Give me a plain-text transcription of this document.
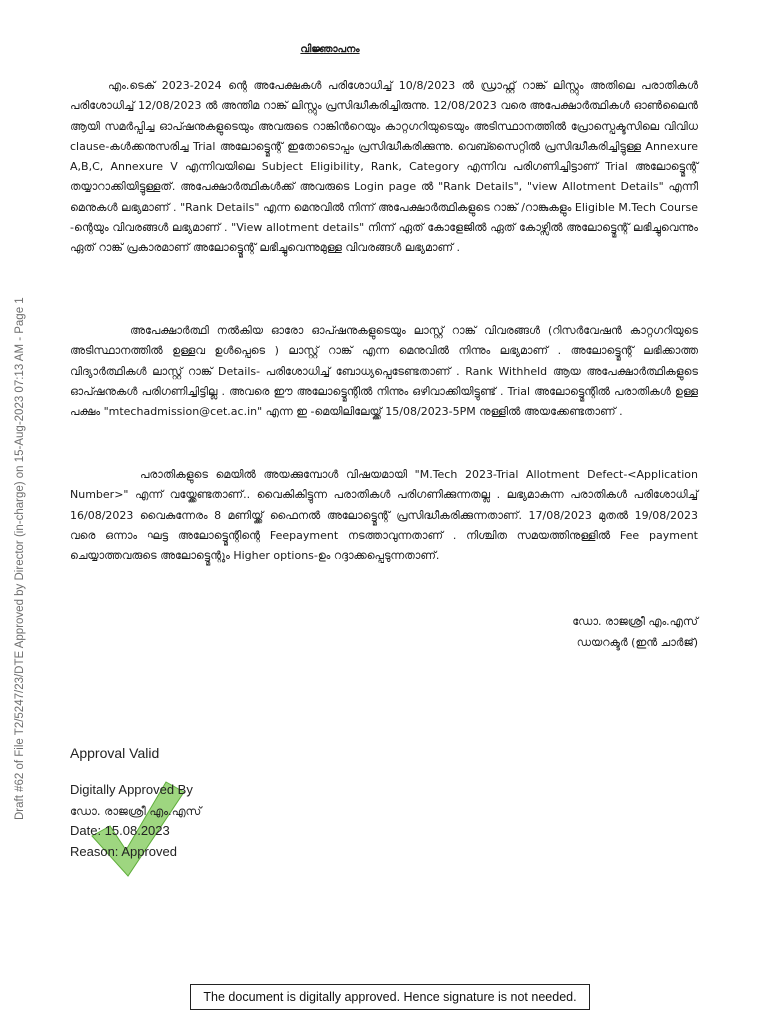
Draft #62 of File T2/5247/23/DTE Approved by Director (in-charge) on 15-Aug-2023 07:13 AM - Page 1
വിജ്ഞാപനം

എം.ടെക് 2023-2024 ന്റെ അപേക്ഷകൾ പരിശോധിച്ച് 10/8/2023 ൽ ഡ്രാഫ്റ്റ് റാങ്ക് ലിസ്റ്റും അതിലെ പരാതികൾ പരിശോധിച്ച് 12/08/2023 ൽ അന്തിമ റാങ്ക് ലിസ്റ്റും പ്രസിദ്ധീകരിച്ചിരുന്നു. 12/08/2023 വരെ അപേക്ഷാർത്ഥികൾ ഓൺലൈൻ ആയി സമർപ്പിച്ച ഓപ്ഷനുകളുടെയും അവരുടെ റാങ്കിൻറെയും കാറ്റഗറിയുടെയും അടിസ്ഥാനത്തിൽ പ്രോസ്പെക്ടസിലെ വിവിധ clause-കൾക്കനുസരിച്ച Trial അലോട്ട്മെന്റ് ഇതോടൊപ്പം പ്രസിദ്ധീകരിക്കുന്നു. വെബ്സൈറ്റിൽ പ്രസിദ്ധീകരിച്ചിട്ടുള്ള Annexure A,B,C, Annexure V എന്നിവയിലെ Subject Eligibility, Rank, Category എന്നിവ പരിഗണിച്ചിട്ടാണ് Trial അലോട്ട്മെന്റ് തയ്യാറാക്കിയിട്ടുള്ളത്. അപേക്ഷാർത്ഥികൾക്ക് അവരുടെ Login page ൽ "Rank Details", "view Allotment Details" എന്നീ മെനുകൾ ലഭ്യമാണ് . "Rank Details" എന്ന മെനുവിൽ നിന്ന് അപേക്ഷാർത്ഥികളുടെ റാങ്ക് /റാങ്കുകളും Eligible M.Tech Course -ന്റെയും വിവരങ്ങൾ ലഭ്യമാണ് . "View allotment details" നിന്ന് ഏത് കോളേജിൽ ഏത് കോഴ്സിൽ അലോട്ട്മെന്റ് ലഭിച്ചുവെന്നും ഏത് റാങ്ക് പ്രകാരമാണ് അലോട്ട്മെന്റ് ലഭിച്ചുവെന്നുമുള്ള വിവരങ്ങൾ ലഭ്യമാണ് .

അപേക്ഷാർത്ഥി നൽകിയ ഓരോ ഓപ്ഷനുകളുടെയും ലാസ്റ്റ് റാങ്ക് വിവരങ്ങൾ (റിസർവേഷൻ കാറ്റഗറിയുടെ അടിസ്ഥാനത്തിൽ ഉള്ളവ ഉൾപ്പെടെ ) ലാസ്റ്റ് റാങ്ക് എന്ന മെനുവിൽ നിന്നും ലഭ്യമാണ് . അലോട്ട്മെന്റ് ലഭിക്കാത്ത വിദ്യാർത്ഥികൾ ലാസ്റ്റ് റാങ്ക് Details- പരിശോധിച്ച് ബോധ്യപ്പെടേണ്ടതാണ് . Rank Withheld ആയ അപേക്ഷാർത്ഥികളുടെ ഓപ്ഷനുകൾ പരിഗണിച്ചിട്ടില്ല . അവരെ ഈ അലോട്ട്മെന്റിൽ നിന്നും ഒഴിവാക്കിയിട്ടുണ്ട് . Trial അലോട്ട്മെന്റിൽ പരാതികൾ ഉള്ള പക്ഷം "mtechadmission@cet.ac.in" എന്ന ഇ -മെയിലിലേയ്ക്ക് 15/08/2023-5PM നുള്ളിൽ അയക്കേണ്ടതാണ് .

പരാതികളുടെ മെയിൽ അയക്കുമ്പോൾ വിഷയമായി "M.Tech 2023-Trial Allotment Defect-<Application Number>" എന്ന് വയ്ക്കേണ്ടതാണ്.. വൈകികിട്ടുന്ന പരാതികൾ പരിഗണിക്കുന്നതല്ല . ലഭ്യമാകുന്ന പരാതികൾ പരിശോധിച്ച് 16/08/2023 വൈകുന്നേരം 8 മണിയ്ക്ക് ഫൈനൽ അലോട്ട്മെന്റ് പ്രസിദ്ധീകരിക്കുന്നതാണ്. 17/08/2023 മുതൽ 19/08/2023 വരെ ഒന്നാം ഘട്ട അലോട്ട്മെന്റിന്റെ Feepayment നടത്താവുന്നതാണ് . നിശ്ചിത സമയത്തിനുള്ളിൽ Fee payment ചെയ്യാത്തവരുടെ അലോട്ട്മെന്റും Higher options-ഉം റദ്ദാക്കപ്പെടുന്നതാണ്.

ഡോ. രാജശ്രീ എം.എസ്
ഡയറക്ടർ (ഇൻ ചാർജ്)
Approval Valid
Digitally Approved By
ഡോ. രാജശ്രീ എം.എസ്
Date: 15.08.2023
Reason: Approved
The document is digitally approved. Hence signature is not needed.
